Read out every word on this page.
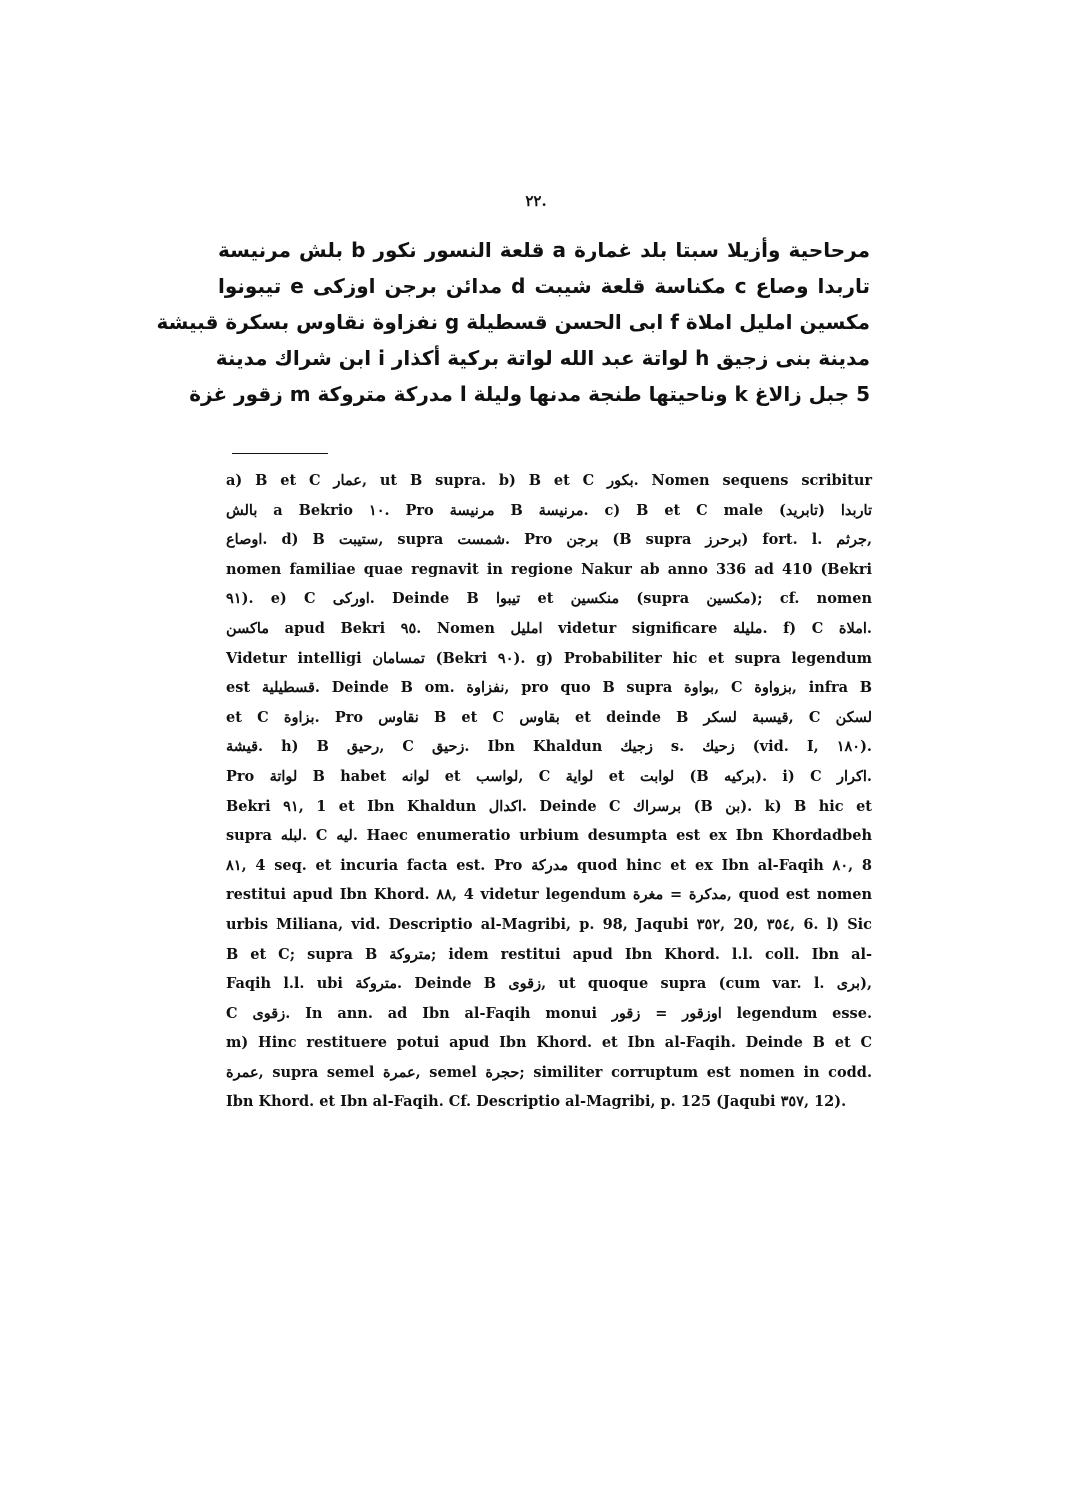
۲۲.
مرحاحية وأزيلا سبتا بلد غمارة a قلعة النسور نكور b بلش مرنيسة
تاربدا وصاع c مكناسة قلعة شيبت d مدائن برجن اوزكى e تيبونوا
مكسين امليل املاة f ابى الحسن قسطيلة g نفزاوة نقاوس بسكرة قبيشة
مدينة بنى زجيق h لواتة عبد الله لواتة بركية أكذار i ابن شراك مدينة
5 جبل زالاغ k وناحيتها طنجة مدنها وليلة l مدركة متروكة m زقور غزة
a) B et C عمار, ut B supra. b) B et C بكور. Nomen sequens scribitur
بالش a Bekrio ١٠. Pro مرنيسة B مرنيسة. c) B et C male (تابريد) تاربدا
اوصاع. d) B ستيبت, supra شمست. Pro برجن (B supra برحرز) fort. l. جرثم,
nomen familiae quae regnavit in regione Nakur ab anno 336 ad 410 (Bekri
٩١). e) C اورکی. Deinde B تيبوا et منكسين (supra مكسين); cf. nomen
ماكسن apud Bekri ٩٥. Nomen امليل videtur significare مليلة. f) C املاة.
Videtur intelligi تمسامان (Bekri ٩٠). g) Probabiliter hic et supra legendum
est قسطيلية. Deinde B om. نفزاوة, pro quo B supra بواوة, C بزواوة, infra B
et C بزاوة. Pro نقاوس B et C بقاوس et deinde B قيسبة لسكر, C لسكن
قيشة. h) B رحيق, C زحيق. Ibn Khaldun زجيك s. زحيك (vid. I, ١٨٠).
Pro لواتة B habet لوانه et لواسب, C لواية et لوابت (B بركيه). i) C اكرار.
Bekri ٩١, 1 et Ibn Khaldun اكدال. Deinde C برسراك (B بن). k) B hic et
supra لبله. C ليه. Haec enumeratio urbium desumpta est ex Ibn Khordadbeh
٨١, 4 seq. et incuria facta est. Pro مدركة quod hinc et ex Ibn al-Faqih ٨٠, 8
restitui apud Ibn Khord. ٨٨, 4 videtur legendum مدكرة = مغرة, quod est nomen
urbis Milianа, vid. Descriptio al-Magribi, p. 98, Jaqubi ٣٥٢, 20, ٣٥٤, 6. l) Sic
B et C; supra B متروكة; idem restitui apud Ibn Khord. l.l. coll. Ibn al-
Faqih l.l. ubi متروكة. Deinde B زقوى, ut quoque supra (cum var. l. برى),
C زقوى. In ann. ad Ibn al-Faqih monui اوزقور = زقور legendum esse.
m) Hinc restituere potui apud Ibn Khord. et Ibn al-Faqih. Deinde B et C
عمرة, supra semel عمرة, semel حجرة; similiter corruptum est nomen in codd.
Ibn Khord. et Ibn al-Faqih. Cf. Descriptio al-Magribi, p. 125 (Jaqubi ٣٥٧, 12).
